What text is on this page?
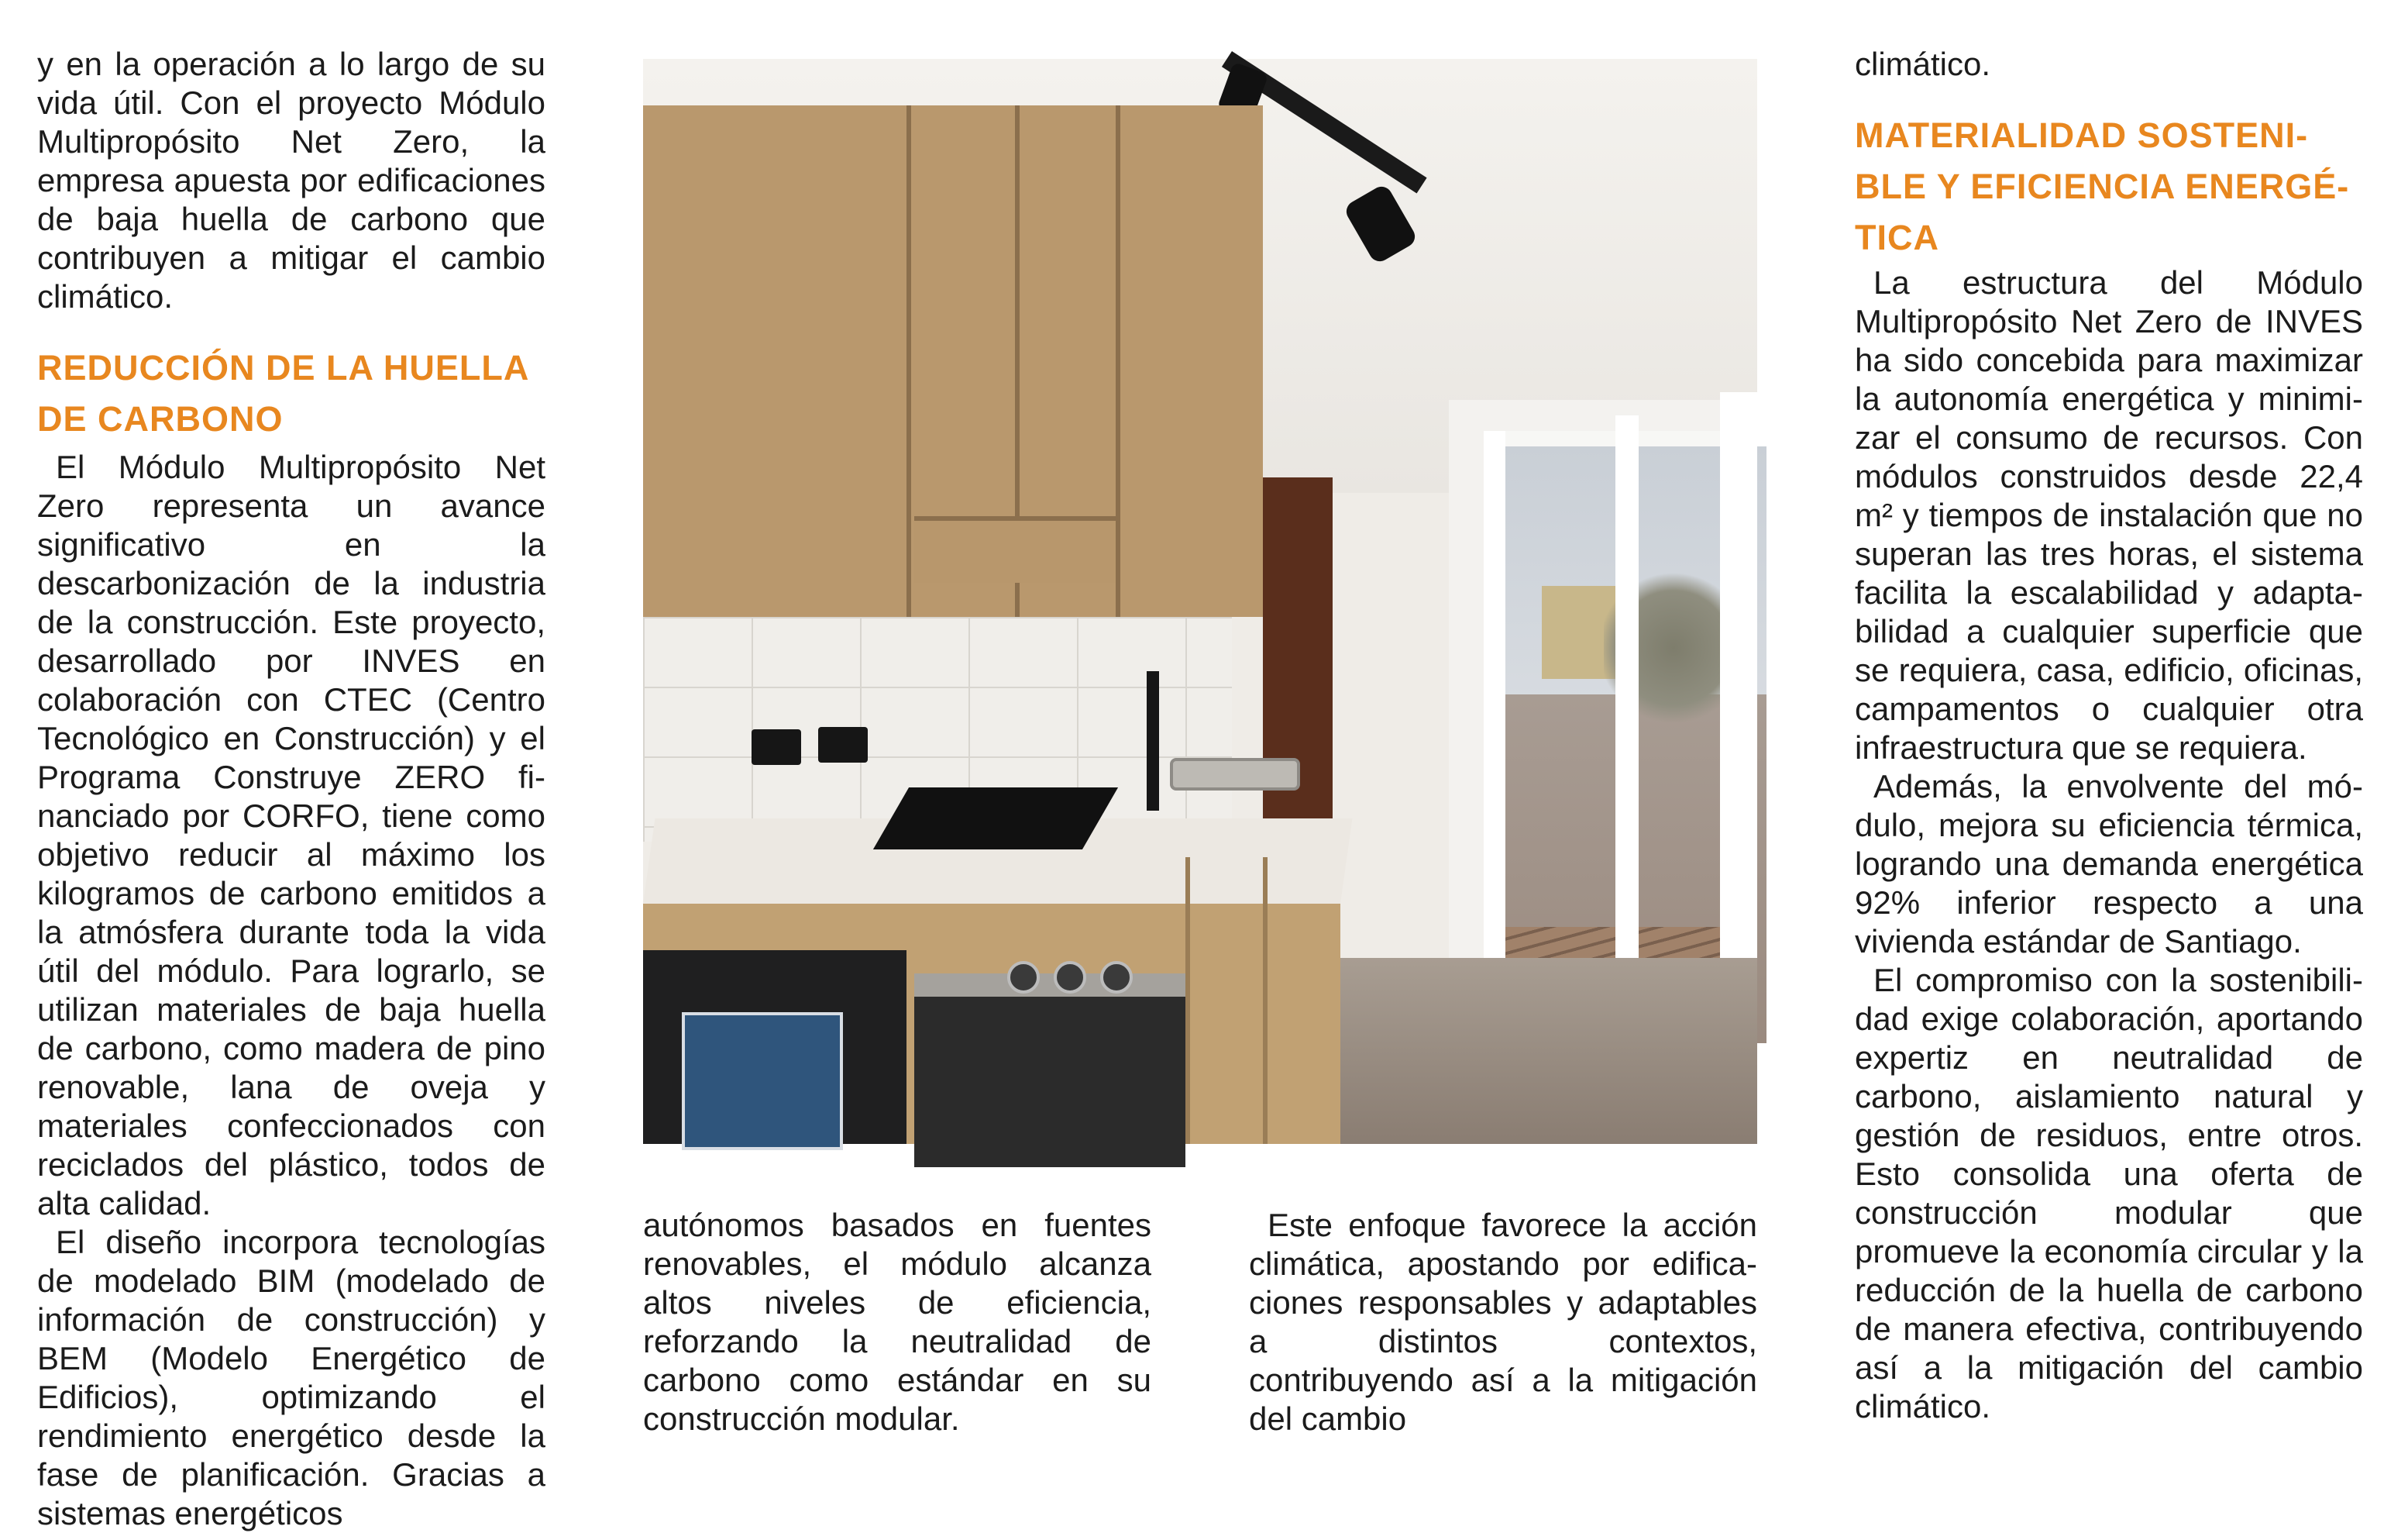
y en la operación a lo largo de su vida útil. Con el proyecto Módulo Multipropósito Net Zero, la empresa apuesta por edificaciones de baja huella de carbono que contribuyen a mitigar el cambio climático.

REDUCCIÓN DE LA HUELLA DE CARBONO

El Módulo Multipropósito Net Zero representa un avance significativo en la descarbonización de la industria de la construcción. Este proyecto, desarrollado por INVES en colaboración con CTEC (Centro Tecnológico en Construcción) y el Programa Construye ZERO financiado por CORFO, tiene como objetivo reducir al máximo los kilogramos de carbono emitidos a la atmósfera durante toda la vida útil del módulo. Para lograrlo, se utilizan materiales de baja huella de carbono, como madera de pino renovable, lana de oveja y materiales confeccionados con reciclados del plástico, todos de alta calidad.

El diseño incorpora tecnologías de modelado BIM (modelado de información de construcción) y BEM (Modelo Energético de Edificios), optimizando el rendimiento energético desde la fase de planificación. Gracias a sistemas energéticos

autónomos basados en fuentes renovables, el módulo alcanza altos niveles de eficiencia, reforzando la neutralidad de carbono como estándar en su construcción modular.

Este enfoque favorece la acción climática, apostando por edificaciones responsables y adaptables a distintos contextos, contribuyendo así a la mitigación del cambio

climático.

MATERIALIDAD SOSTENIBLE Y EFICIENCIA ENERGÉTICA

La estructura del Módulo Multipropósito Net Zero de INVES ha sido concebida para maximizar la autonomía energética y minimizar el consumo de recursos. Con módulos construidos desde 22,4 m² y tiempos de instalación que no superan las tres horas, el sistema facilita la escalabilidad y adaptabilidad a cualquier superficie que se requiera, casa, edificio, oficinas, campamentos o cualquier otra infraestructura que se requiera.

Además, la envolvente del módulo, mejora su eficiencia térmica, logrando una demanda energética 92% inferior respecto a una vivienda estándar de Santiago.

El compromiso con la sostenibilidad exige colaboración, aportando expertiz en neutralidad de carbono, aislamiento natural y gestión de residuos, entre otros. Esto consolida una oferta de construcción modular que promueve la economía circular y la reducción de la huella de carbono de manera efectiva, contribuyendo así a la mitigación del cambio climático.
